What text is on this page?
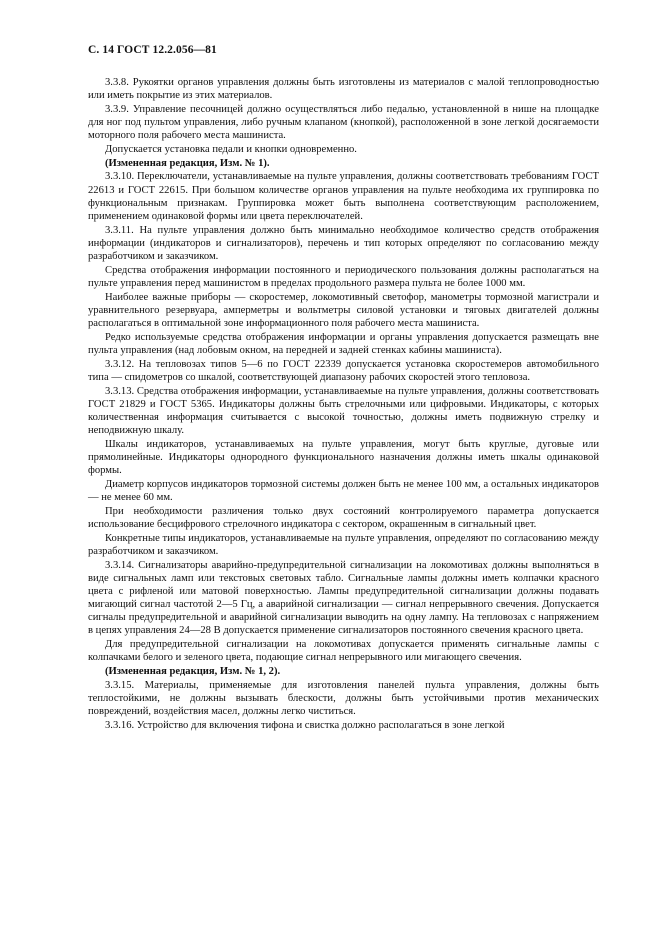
С. 14 ГОСТ 12.2.056—81

3.3.8. Рукоятки органов управления должны быть изготовлены из материалов с малой теплопроводностью или иметь покрытие из этих материалов.

3.3.9. Управление песочницей должно осуществляться либо педалью, установленной в нише на площадке для ног под пультом управления, либо ручным клапаном (кнопкой), расположенной в зоне легкой досягаемости моторного поля рабочего места машиниста.

Допускается установка педали и кнопки одновременно.

(Измененная редакция, Изм. № 1).

3.3.10. Переключатели, устанавливаемые на пульте управления, должны соответствовать требованиям ГОСТ 22613 и ГОСТ 22615. При большом количестве органов управления на пульте необходима их группировка по функциональным признакам. Группировка может быть выполнена соответствующим расположением, применением одинаковой формы или цвета переключателей.

3.3.11. На пульте управления должно быть минимально необходимое количество средств отображения информации (индикаторов и сигнализаторов), перечень и тип которых определяют по согласованию между разработчиком и заказчиком.

Средства отображения информации постоянного и периодического пользования должны располагаться на пульте управления перед машинистом в пределах продольного размера пульта не более 1000 мм.

Наиболее важные приборы — скоростемер, локомотивный светофор, манометры тормозной магистрали и уравнительного резервуара, амперметры и вольтметры силовой установки и тяговых двигателей должны располагаться в оптимальной зоне информационного поля рабочего места машиниста.

Редко используемые средства отображения информации и органы управления допускается размещать вне пульта управления (над лобовым окном, на передней и задней стенках кабины машиниста).

3.3.12. На тепловозах типов 5—6 по ГОСТ 22339 допускается установка скоростемеров автомобильного типа — спидометров со шкалой, соответствующей диапазону рабочих скоростей этого тепловоза.

3.3.13. Средства отображения информации, устанавливаемые на пульте управления, должны соответствовать ГОСТ 21829 и ГОСТ 5365. Индикаторы должны быть стрелочными или цифровыми. Индикаторы, с которых количественная информация считывается с высокой точностью, должны иметь подвижную стрелку и неподвижную шкалу.

Шкалы индикаторов, устанавливаемых на пульте управления, могут быть круглые, дуговые или прямолинейные. Индикаторы однородного функционального назначения должны иметь шкалы одинаковой формы.

Диаметр корпусов индикаторов тормозной системы должен быть не менее 100 мм, а остальных индикаторов — не менее 60 мм.

При необходимости различения только двух состояний контролируемого параметра допускается использование бесцифрового стрелочного индикатора с сектором, окрашенным в сигнальный цвет.

Конкретные типы индикаторов, устанавливаемые на пульте управления, определяют по согласованию между разработчиком и заказчиком.

3.3.14. Сигнализаторы аварийно-предупредительной сигнализации на локомотивах должны выполняться в виде сигнальных ламп или текстовых световых табло. Сигнальные лампы должны иметь колпачки красного цвета с рифленой или матовой поверхностью. Лампы предупредительной сигнализации должны подавать мигающий сигнал частотой 2—5 Гц, а аварийной сигнализации — сигнал непрерывного свечения. Допускается сигналы предупредительной и аварийной сигнализации выводить на одну лампу. На тепловозах с напряжением в цепях управления 24—28 В допускается применение сигнализаторов постоянного свечения красного цвета.

Для предупредительной сигнализации на локомотивах допускается применять сигнальные лампы с колпачками белого и зеленого цвета, подающие сигнал непрерывного или мигающего свечения.

(Измененная редакция, Изм. № 1, 2).

3.3.15. Материалы, применяемые для изготовления панелей пульта управления, должны быть теплостойкими, не должны вызывать блескости, должны быть устойчивыми против механических повреждений, воздействия масел, должны легко чиститься.

3.3.16. Устройство для включения тифона и свистка должно располагаться в зоне легкой
